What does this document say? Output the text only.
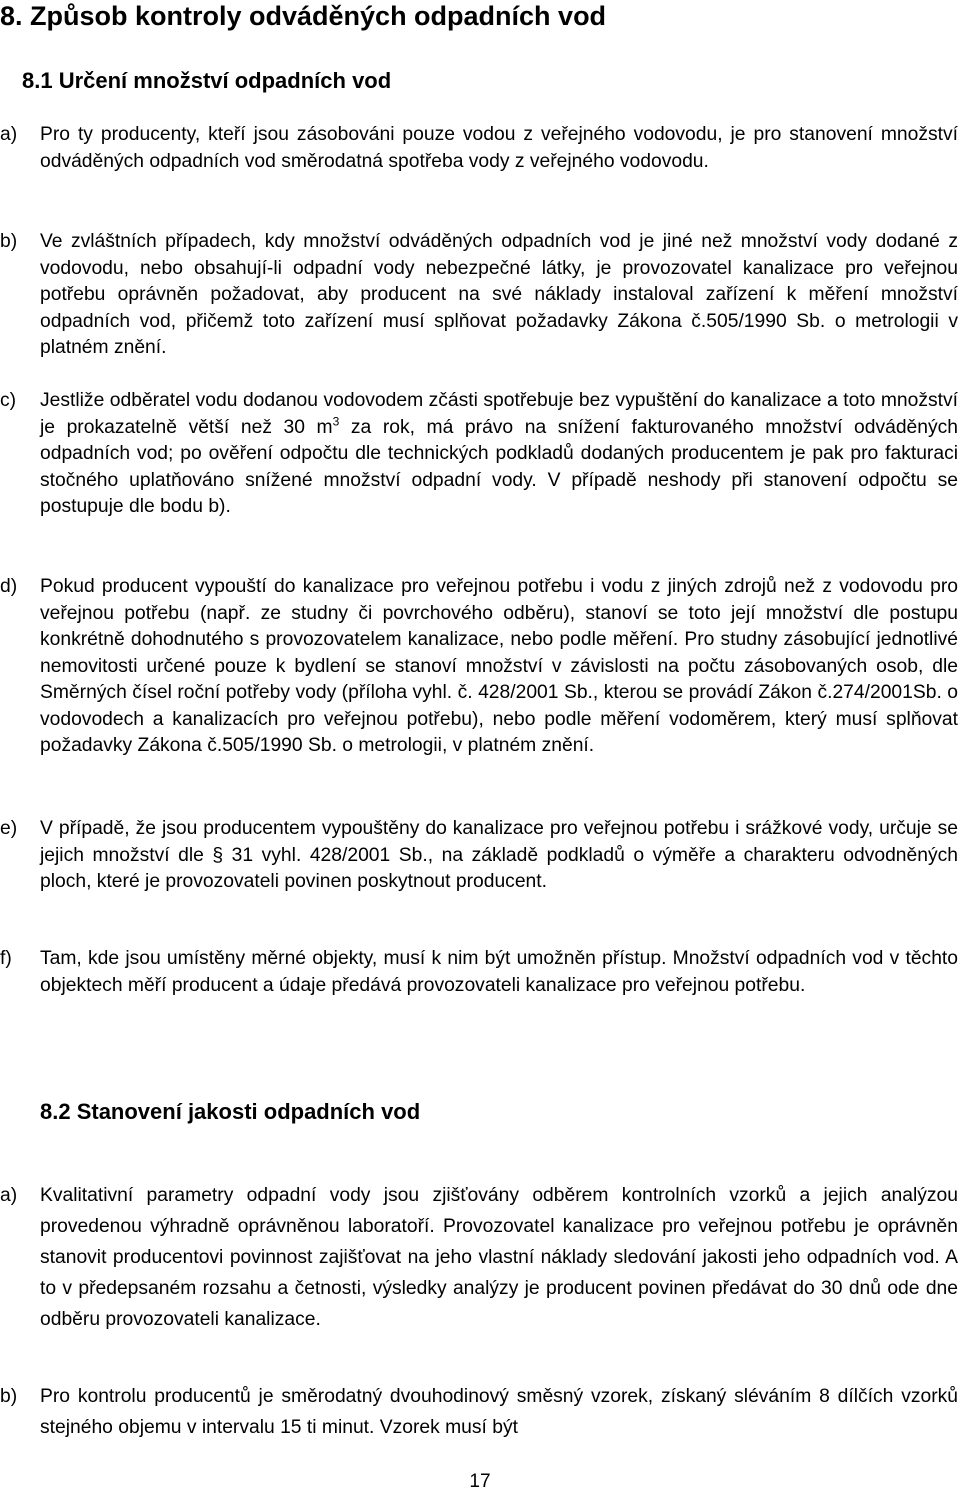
8. Způsob kontroly odváděných odpadních vod
8.1 Určení množství odpadních vod
a) Pro ty producenty, kteří jsou zásobováni pouze vodou z veřejného vodovodu, je pro stanovení množství odváděných odpadních vod směrodatná spotřeba vody z veřejného vodovodu.
b) Ve zvláštních případech, kdy množství odváděných odpadních vod je jiné než množství vody dodané z vodovodu, nebo obsahují-li odpadní vody nebezpečné látky, je provozovatel kanalizace pro veřejnou potřebu oprávněn požadovat, aby producent na své náklady instaloval zařízení k měření množství odpadních vod, přičemž toto zařízení musí splňovat požadavky Zákona č.505/1990 Sb. o metrologii v platném znění.
c) Jestliže odběratel vodu dodanou vodovodem zčásti spotřebuje bez vypuštění do kanalizace a toto množství je prokazatelně větší než 30 $m^3$ za rok, má právo na snížení fakturovaného množství odváděných odpadních vod; po ověření odpočtu dle technických podkladů dodaných producentem je pak pro fakturaci stočného uplatňováno snížené množství odpadní vody. V případě neshody při stanovení odpočtu se postupuje dle bodu b).
d) Pokud producent vypouští do kanalizace pro veřejnou potřebu i vodu z jiných zdrojů než z vodovodu pro veřejnou potřebu (např. ze studny či povrchového odběru), stanoví se toto její množství dle postupu konkrétně dohodnutého s provozovatelem kanalizace, nebo podle měření. Pro studny zásobující jednotlivé nemovitosti určené pouze k bydlení se stanoví množství v závislosti na počtu zásobovaných osob, dle Směrných čísel roční potřeby vody (příloha vyhl. č. 428/2001 Sb., kterou se provádí Zákon č.274/2001Sb. o vodovodech a kanalizacích pro veřejnou potřebu), nebo podle měření vodoměrem, který musí splňovat požadavky Zákona č.505/1990 Sb. o metrologii, v platném znění.
e) V případě, že jsou producentem vypouštěny do kanalizace pro veřejnou potřebu i srážkové vody, určuje se jejich množství dle § 31 vyhl. 428/2001 Sb., na základě podkladů o výměře a charakteru odvodněných ploch, které je provozovateli povinen poskytnout producent.
f) Tam, kde jsou umístěny měrné objekty, musí k nim být umožněn přístup. Množství odpadních vod v těchto objektech měří producent a údaje předává provozovateli kanalizace pro veřejnou potřebu.
8.2 Stanovení jakosti odpadních vod
a) Kvalitativní parametry odpadní vody jsou zjišťovány odběrem kontrolních vzorků a jejich analýzou provedenou výhradně oprávněnou laboratoří. Provozovatel kanalizace pro veřejnou potřebu je oprávněn stanovit producentovi povinnost zajišťovat na jeho vlastní náklady sledování jakosti jeho odpadních vod. A to v předepsaném rozsahu a četnosti, výsledky analýzy je producent povinen předávat do 30 dnů ode dne odběru provozovateli kanalizace.
b) Pro kontrolu producentů je směrodatný dvouhodinový směsný vzorek, získaný sléváním 8 dílčích vzorků stejného objemu v intervalu 15 ti minut. Vzorek musí být
17
